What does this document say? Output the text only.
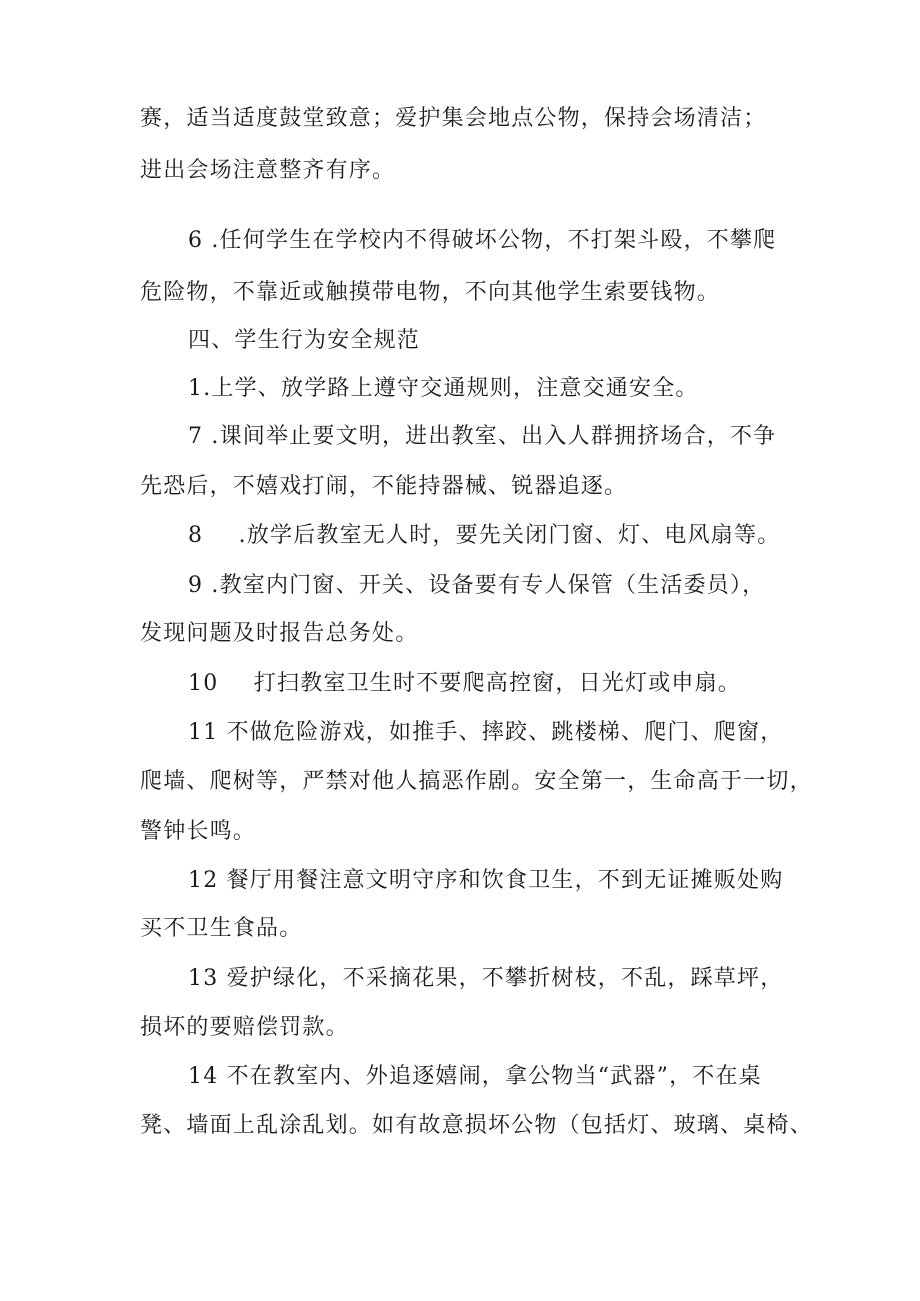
赛，适当适度鼓堂致意；爱护集会地点公物，保持会场清洁；
进出会场注意整齐有序。
6 .任何学生在学校内不得破坏公物，不打架斗殴，不攀爬
危险物，不靠近或触摸带电物，不向其他学生索要钱物。
四、学生行为安全规范
1.上学、放学路上遵守交通规则，注意交通安全。
7 .课间举止要文明，进出教室、出入人群拥挤场合，不争
先恐后，不嬉戏打闹，不能持器械、锐器追逐。
8　 .放学后教室无人时，要先关闭门窗、灯、电风扇等。
9 .教室内门窗、开关、设备要有专人保管（生活委员），
发现问题及时报告总务处。
10　 打扫教室卫生时不要爬高控窗，日光灯或申扇。
11 不做危险游戏，如推手、摔跤、跳楼梯、爬门、爬窗，
爬墙、爬树等，严禁对他人搞恶作剧。安全第一，生命高于一切，
警钟长鸣。
12 餐厅用餐注意文明守序和饮食卫生，不到无证摊贩处购
买不卫生食品。
13 爱护绿化，不采摘花果，不攀折树枝，不乱，踩草坪，
损坏的要赔偿罚款。
14 不在教室内、外追逐嬉闹，拿公物当“武器”，不在桌
凳、墙面上乱涂乱划。如有故意损坏公物（包括灯、玻璃、桌椅、
